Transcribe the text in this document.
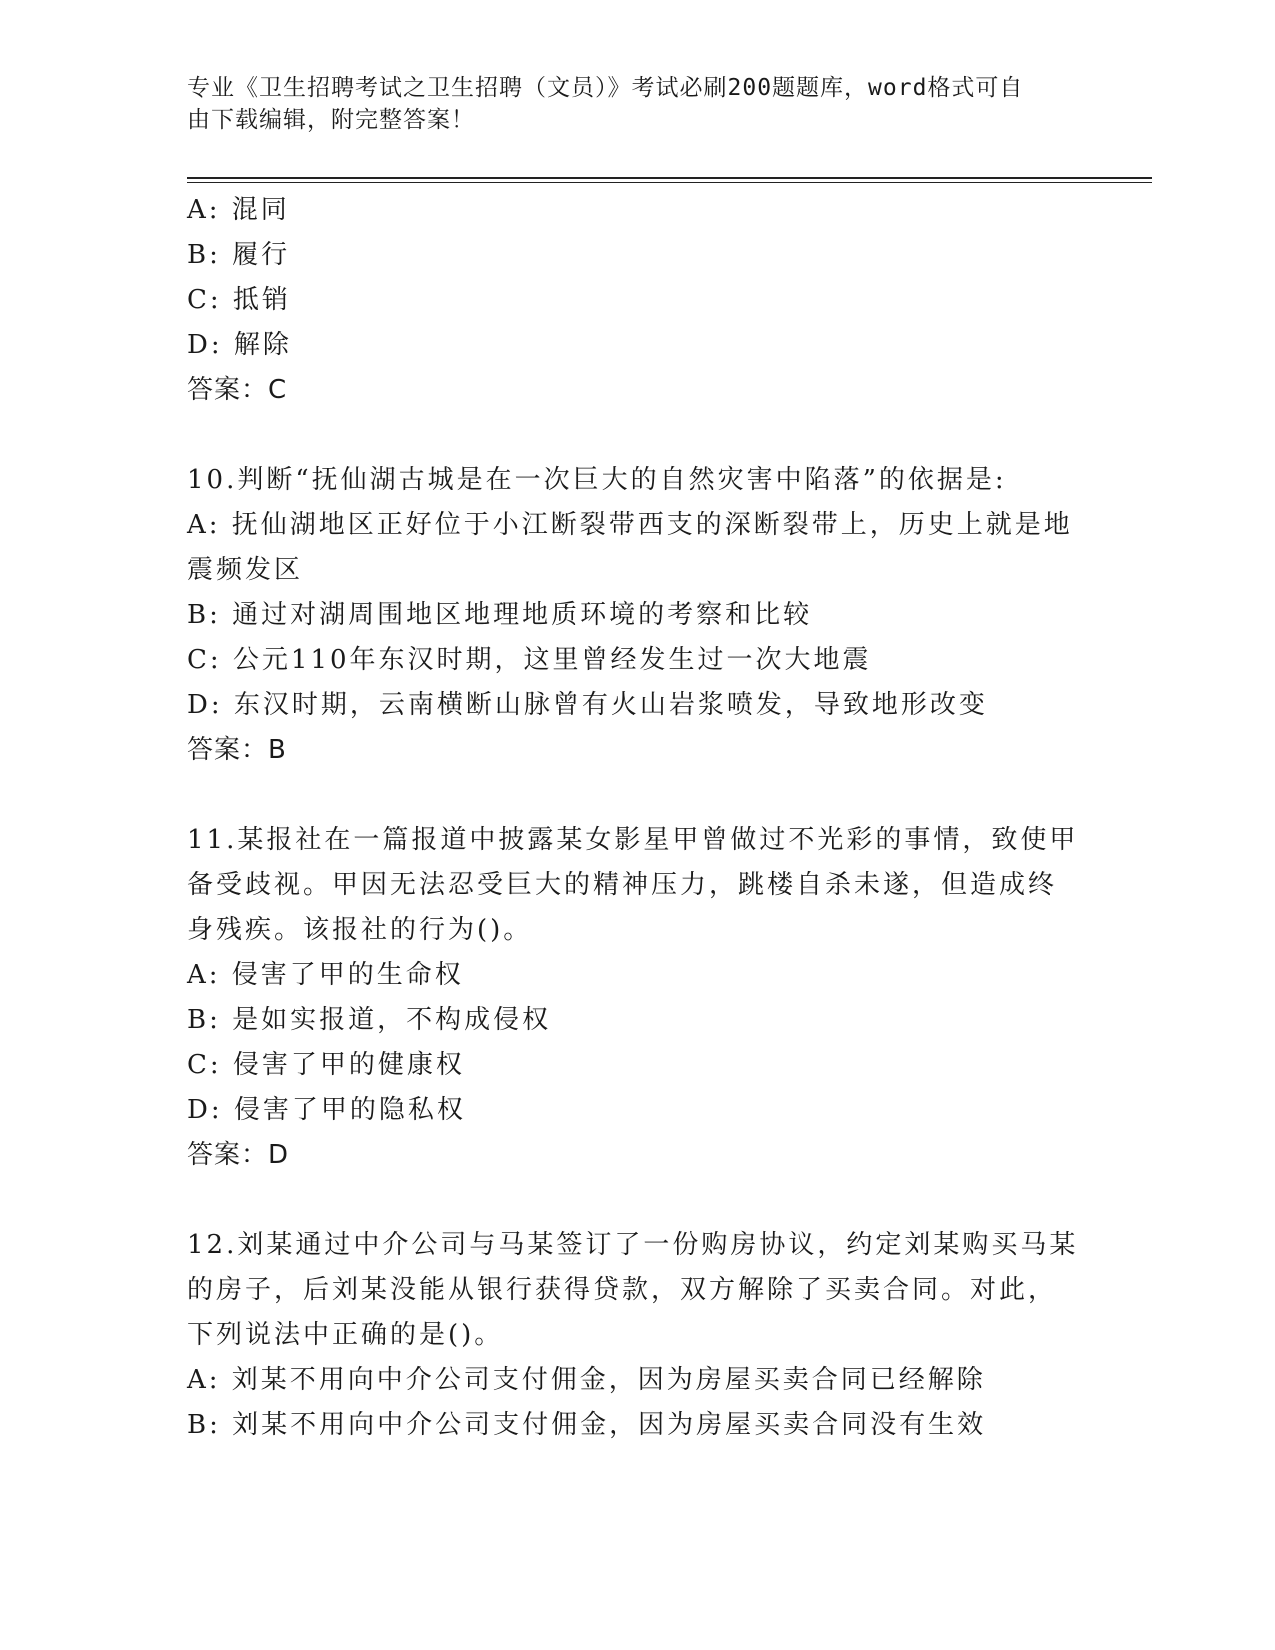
专业《卫生招聘考试之卫生招聘（文员）》考试必刷200题题库，word格式可自
由下载编辑，附完整答案！
A: 混同
B: 履行
C: 抵销
D: 解除
答案：C
10.判断“抚仙湖古城是在一次巨大的自然灾害中陷落”的依据是:
A: 抚仙湖地区正好位于小江断裂带西支的深断裂带上，历史上就是地
震频发区
B: 通过对湖周围地区地理地质环境的考察和比较
C: 公元110年东汉时期，这里曾经发生过一次大地震
D: 东汉时期，云南横断山脉曾有火山岩浆喷发，导致地形改变
答案：B
11.某报社在一篇报道中披露某女影星甲曾做过不光彩的事情，致使甲
备受歧视。甲因无法忍受巨大的精神压力，跳楼自杀未遂，但造成终
身残疾。该报社的行为()。
A: 侵害了甲的生命权
B: 是如实报道，不构成侵权
C: 侵害了甲的健康权
D: 侵害了甲的隐私权
答案：D
12.刘某通过中介公司与马某签订了一份购房协议，约定刘某购买马某
的房子，后刘某没能从银行获得贷款，双方解除了买卖合同。对此，
下列说法中正确的是()。
A: 刘某不用向中介公司支付佣金，因为房屋买卖合同已经解除
B: 刘某不用向中介公司支付佣金，因为房屋买卖合同没有生效
